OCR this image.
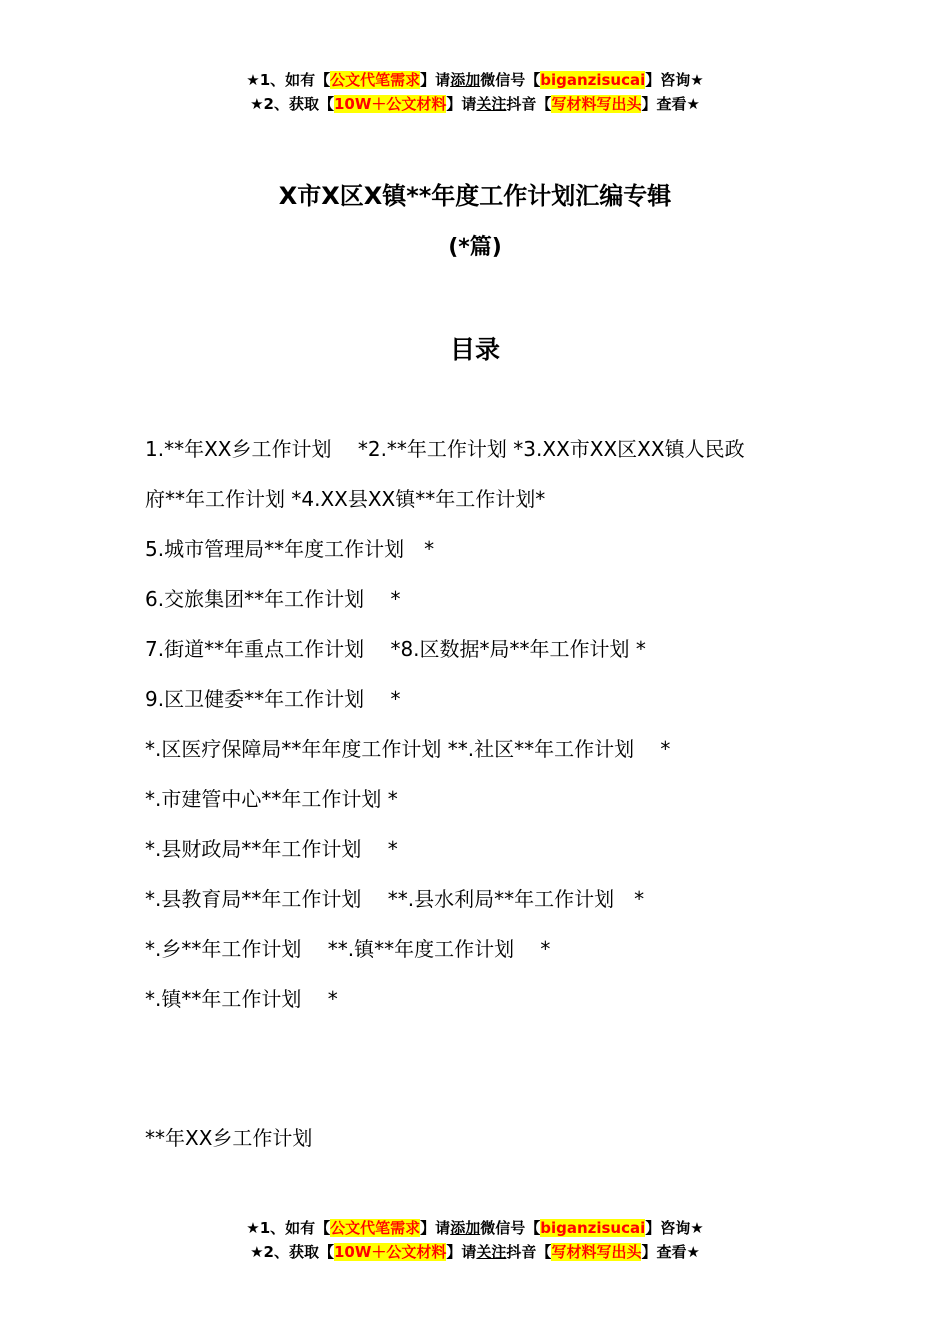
★1、如有【公文代笔需求】请添加微信号【biganzisucai】咨询★
★2、获取【10W＋公文材料】请关注抖音【写材料写出头】查看★
X市X区X镇**年度工作计划汇编专辑
(*篇)
目录
1.**年XX乡工作计划　 *2.**年工作计划 *3.XX市XX区XX镇人民政
府**年工作计划 *4.XX县XX镇**年工作计划*
5.城市管理局**年度工作计划　*
6.交旅集团**年工作计划　 *
7.街道**年重点工作计划　 *8.区数据*局**年工作计划 *
9.区卫健委**年工作计划　 *
*.区医疗保障局**年年度工作计划 **.社区**年工作计划　 *
*.市建管中心**年工作计划 *
*.县财政局**年工作计划　 *
*.县教育局**年工作计划　 **.县水利局**年工作计划　*
*.乡**年工作计划　 **.镇**年度工作计划　 *
*.镇**年工作计划　 *
**年XX乡工作计划
★1、如有【公文代笔需求】请添加微信号【biganzisucai】咨询★
★2、获取【10W＋公文材料】请关注抖音【写材料写出头】查看★
